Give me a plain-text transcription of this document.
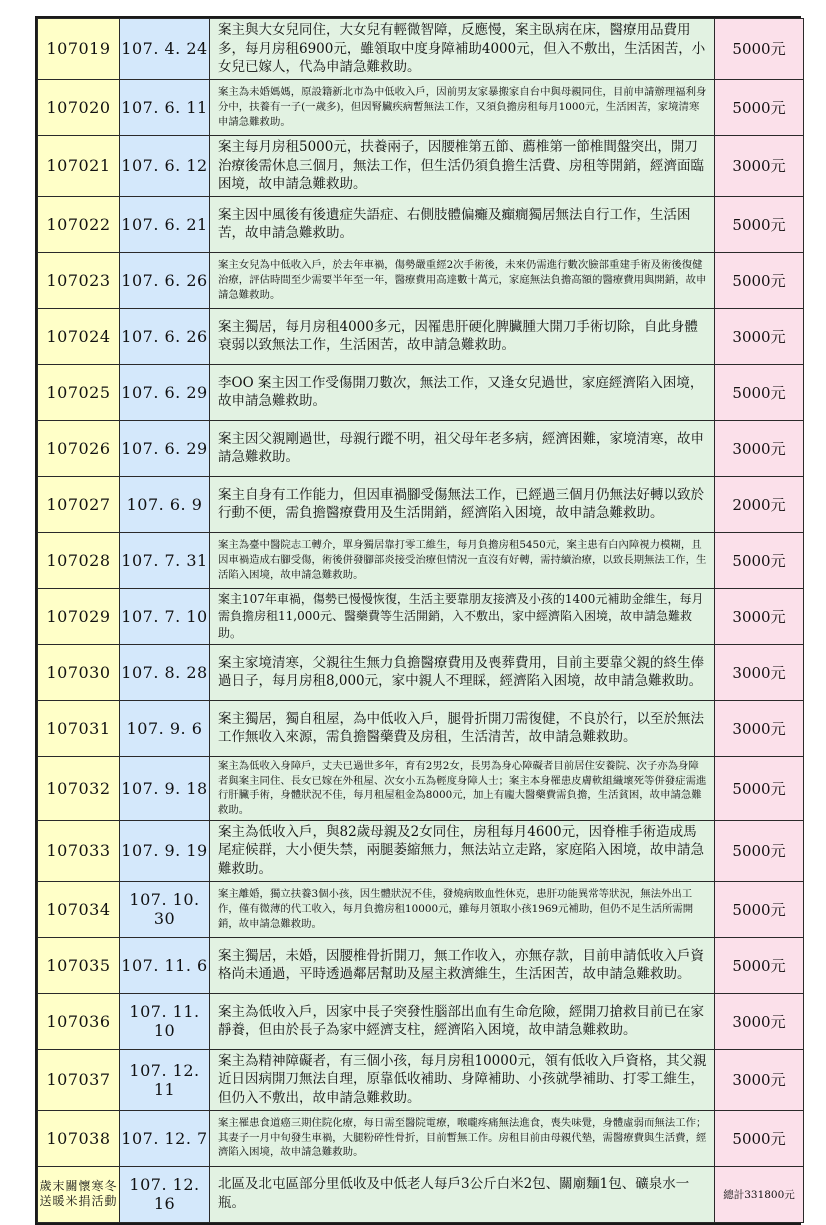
107019	107. 4. 24	案主與大女兒同住，大女兒有輕微智障，反應慢，案主臥病在床，醫療用品費用多，每月房租6900元，雖領取中度身障補助4000元，但入不敷出，生活困苦，小女兒已嫁人，代為申請急難救助。	5000元
107020	107. 6. 11	案主為未婚媽媽，原設籍新北市為中低收入戶，因前男友家暴搬家自台中與母親同住，目前申請辦理福利身分中，扶養有一子(一歲多)，但因腎臟疾病暫無法工作，又須負擔房租每月1000元，生活困苦，家境清寒申請急難救助。	5000元
107021	107. 6. 12	案主每月房租5000元，扶養兩子，因腰椎第五節、薦椎第一節椎間盤突出，開刀治療後需休息三個月，無法工作，但生活仍須負擔生活費、房租等開銷，經濟面臨困境，故申請急難救助。	3000元
107022	107. 6. 21	案主因中風後有後遺症失語症、右側肢體偏癱及癲癇獨居無法自行工作，生活困苦，故申請急難救助。	5000元
107023	107. 6. 26	案主女兒為中低收入戶，於去年車禍，傷勢嚴重經2次手術後，未來仍需進行數次臉部重建手術及術後復健治療，評估時間至少需要半年至一年，醫療費用高達數十萬元，家庭無法負擔高額的醫療費用與開銷，故申請急難救助。	5000元
107024	107. 6. 26	案主獨居，每月房租4000多元，因罹患肝硬化脾臟腫大開刀手術切除，自此身體衰弱以致無法工作，生活困苦，故申請急難救助。	3000元
107025	107. 6. 29	李OO 案主因工作受傷開刀數次，無法工作，又逢女兒過世，家庭經濟陷入困境，故申請急難救助。	5000元
107026	107. 6. 29	案主因父親剛過世，母親行蹤不明，祖父母年老多病，經濟困難，家境清寒，故申請急難救助。	3000元
107027	107. 6. 9	案主自身有工作能力，但因車禍腳受傷無法工作，已經過三個月仍無法好轉以致於行動不便，需負擔醫療費用及生活開銷，經濟陷入困境，故申請急難救助。	2000元
107028	107. 7. 31	案主為臺中醫院志工轉介，單身獨居靠打零工維生，每月負擔房租5450元，案主患有白內障視力模糊，且因車禍造成右腳受傷，術後併發腳部炎接受治療但情況一直沒有好轉，需持續治療，以致長期無法工作，生活陷入困境，故申請急難救助。	5000元
107029	107. 7. 10	案主107年車禍，傷勢已慢慢恢復，生活主要靠朋友接濟及小孩的1400元補助金維生，每月需負擔房租11,000元、醫藥費等生活開銷，入不敷出，家中經濟陷入困境，故申請急難救助。	3000元
107030	107. 8. 28	案主家境清寒，父親往生無力負擔醫療費用及喪葬費用，目前主要靠父親的終生俸過日子，每月房租8,000元，家中親人不理睬，經濟陷入困境，故申請急難救助。	3000元
107031	107. 9. 6	案主獨居，獨自租屋，為中低收入戶，腿骨折開刀需復健，不良於行，以至於無法工作無收入來源，需負擔醫藥費及房租，生活清苦，故申請急難救助。	3000元
107032	107. 9. 18	案主為低收入身障戶，丈夫已過世多年，育有2男2女，長男為身心障礙者目前居住安養院、次子亦為身障者與案主同住、長女已嫁在外租屋、次女小五為輕度身障人士；案主本身罹患皮膚軟組織壞死等併發症需進行肝臟手術，身體狀況不佳，每月租屋租金為8000元，加上有龐大醫藥費需負擔，生活貧困，故申請急難救助。	5000元
107033	107. 9. 19	案主為低收入戶，與82歲母親及2女同住，房租每月4600元，因脊椎手術造成馬尾症候群，大小便失禁，兩腿萎縮無力，無法站立走路，家庭陷入困境，故申請急難救助。	5000元
107034	107. 10. 30	案主離婚，獨立扶養3個小孩，因生體狀況不佳，發燒病敗血性休克，患肝功能異常等狀況，無法外出工作，僅有微薄的代工收入，每月負擔房租10000元，雖每月領取小孩1969元補助，但仍不足生活所需開銷，故申請急難救助。	5000元
107035	107. 11. 6	案主獨居，未婚，因腰椎骨折開刀，無工作收入，亦無存款，目前申請低收入戶資格尚未通過，平時透過鄰居幫助及屋主救濟維生，生活困苦，故申請急難救助。	5000元
107036	107. 11. 10	案主為低收入戶，因家中長子突發性腦部出血有生命危險，經開刀搶救目前已在家靜養，但由於長子為家中經濟支柱，經濟陷入困境，故申請急難救助。	3000元
107037	107. 12. 11	案主為精神障礙者，有三個小孩，每月房租10000元，領有低收入戶資格，其父親近日因病開刀無法自理，原靠低收補助、身障補助、小孩就學補助、打零工維生，但仍入不敷出，故申請急難救助。	3000元
107038	107. 12. 7	案主罹患食道癌三期住院化療，每日需至醫院電療，喉嚨疼痛無法進食，喪失味覺，身體虛弱而無法工作；其妻子一月中旬發生車禍，大腿粉碎性骨折，目前暫無工作。房租目前由母親代墊，需醫療費與生活費，經濟陷入困境，故申請急難救助。	5000元
歲末關懷寒冬送暖米捐活動	107. 12. 16	北區及北屯區部分里低收及中低老人每戶3公斤白米2包、關廟麵1包、礦泉水一瓶。	總計331800元
